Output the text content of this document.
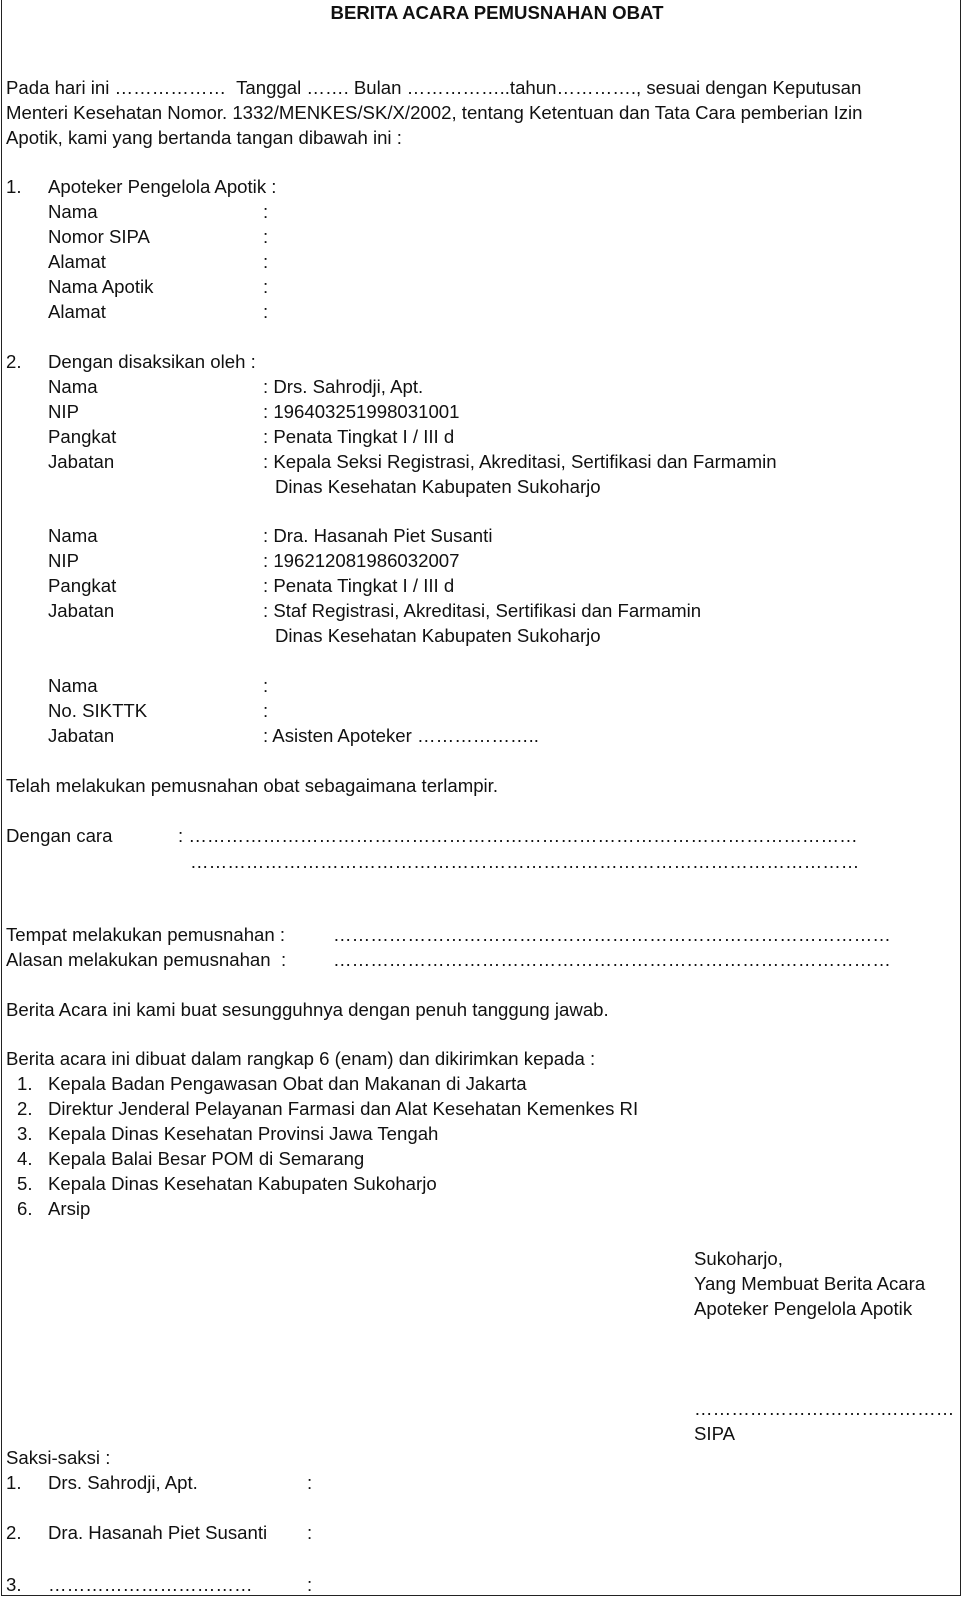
BERITA ACARA PEMUSNAHAN OBAT
Pada hari ini ………………  Tanggal ……. Bulan ……………..tahun…………., sesuai dengan Keputusan
Menteri Kesehatan Nomor. 1332/MENKES/SK/X/2002, tentang Ketentuan dan Tata Cara pemberian Izin
Apotik, kami yang bertanda tangan dibawah ini :
1. Apoteker Pengelola Apotik :
Nama	:
Nomor SIPA	:
Alamat	:
Nama Apotik	:
Alamat	:
2. Dengan disaksikan oleh :
Nama	: Drs. Sahrodji, Apt.
NIP	: 196403251998031001
Pangkat	: Penata Tingkat I / III d
Jabatan	: Kepala Seksi Registrasi, Akreditasi, Sertifikasi dan Farmamin
Dinas Kesehatan Kabupaten Sukoharjo
Nama	: Dra. Hasanah Piet Susanti
NIP	: 196212081986032007
Pangkat	: Penata Tingkat I / III d
Jabatan	: Staf Registrasi, Akreditasi, Sertifikasi dan Farmamin
Dinas Kesehatan Kabupaten Sukoharjo
Nama	:
No. SIKTTK	:
Jabatan	: Asisten Apoteker ………………..
Telah melakukan pemusnahan obat sebagaimana terlampir.
Dengan cara	: ………………………………………………………………………………………………
………………………………………………………………………………………………
Tempat melakukan pemusnahan :	………………………………………………………………………………
Alasan melakukan pemusnahan  :	………………………………………………………………………………
Berita Acara ini kami buat sesungguhnya dengan penuh tanggung jawab.
Berita acara ini dibuat dalam rangkap 6 (enam) dan dikirimkan kepada :
1. Kepala Badan Pengawasan Obat dan Makanan di Jakarta
2. Direktur Jenderal Pelayanan Farmasi dan Alat Kesehatan Kemenkes RI
3. Kepala Dinas Kesehatan Provinsi Jawa Tengah
4. Kepala Balai Besar POM di Semarang
5. Kepala Dinas Kesehatan Kabupaten Sukoharjo
6. Arsip
Sukoharjo,
Yang Membuat Berita Acara
Apoteker Pengelola Apotik
……………………………………
SIPA
Saksi-saksi :
1. Drs. Sahrodji, Apt.	:
2. Dra. Hasanah Piet Susanti :
3. ……………………………	:
